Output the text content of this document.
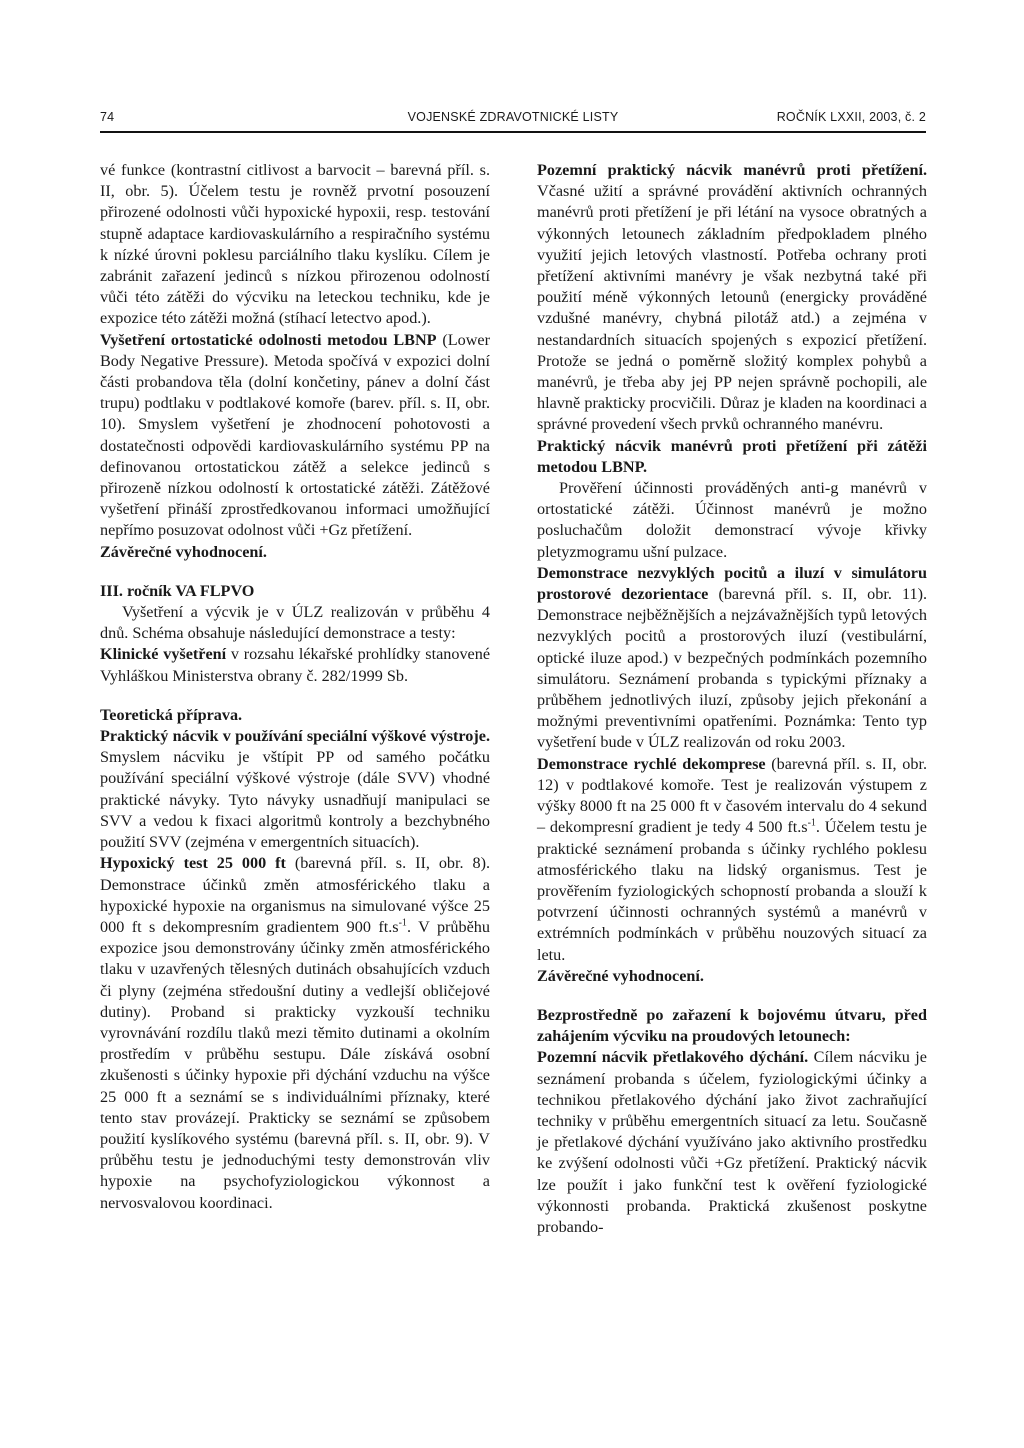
74	VOJENSKÉ ZDRAVOTNICKÉ LISTY	ROČNÍK LXXII, 2003, č. 2

vé funkce (kontrastní citlivost a barvocit – barevná příl. s. II, obr. 5). Účelem testu je rovněž prvotní posouzení přirozené odolnosti vůči hypoxické hypoxii, resp. testování stupně adaptace kardiovaskulárního a respiračního systému k nízké úrovni poklesu parciálního tlaku kyslíku. Cílem je zabránit zařazení jedinců s nízkou přirozenou odolností vůči této zátěži do výcviku na leteckou techniku, kde je expozice této zátěži možná (stíhací letectvo apod.).

Vyšetření ortostatické odolnosti metodou LBNP (Lower Body Negative Pressure). Metoda spočívá v expozici dolní části probandova těla (dolní končetiny, pánev a dolní část trupu) podtlaku v podtlakové komoře (barev. příl. s. II, obr. 10). Smyslem vyšetření je zhodnocení pohotovosti a dostatečnosti odpovědi kardiovaskulárního systému PP na definovanou ortostatickou zátěž a selekce jedinců s přirozeně nízkou odolností k ortostatické zátěži. Zátěžové vyšetření přináší zprostředkovanou informaci umožňující nepřímo posuzovat odolnost vůči +Gz přetížení.

Závěrečné vyhodnocení.

III. ročník VA FLPVO

Vyšetření a výcvik je v ÚLZ realizován v průběhu 4 dnů. Schéma obsahuje následující demonstrace a testy:

Klinické vyšetření v rozsahu lékařské prohlídky stanovené Vyhláškou Ministerstva obrany č. 282/1999 Sb.

Teoretická příprava.

Praktický nácvik v používání speciální výškové výstroje. Smyslem nácviku je vštípit PP od samého počátku používání speciální výškové výstroje (dále SVV) vhodné praktické návyky. Tyto návyky usnadňují manipulaci se SVV a vedou k fixaci algoritmů kontroly a bezchybného použití SVV (zejména v emergentních situacích).

Hypoxický test 25 000 ft (barevná příl. s. II, obr. 8). Demonstrace účinků změn atmosférického tlaku a hypoxické hypoxie na organismus na simulované výšce 25 000 ft s dekompresním gradientem 900 $ft.s^{-1}$. V průběhu expozice jsou demonstrovány účinky změn atmosférického tlaku v uzavřených tělesných dutinách obsahujících vzduch či plyny (zejména středoušní dutiny a vedlejší obličejové dutiny). Proband si prakticky vyzkouší techniku vyrovnávání rozdílu tlaků mezi těmito dutinami a okolním prostředím v průběhu sestupu. Dále získává osobní zkušenosti s účinky hypoxie při dýchání vzduchu na výšce 25 000 ft a seznámí se s individuálními příznaky, které tento stav provázejí. Prakticky se seznámí se způsobem použití kyslíkového systému (barevná příl. s. II, obr. 9). V průběhu testu je jednoduchými testy demonstrován vliv hypoxie na psychofyziologickou výkonnost a nervosvalovou koordinaci.

Pozemní praktický nácvik manévrů proti přetížení. Včasné užití a správné provádění aktivních ochranných manévrů proti přetížení je při létání na vysoce obratných a výkonných letounech základním předpokladem plného využití jejich letových vlastností. Potřeba ochrany proti přetížení aktivními manévry je však nezbytná také při použití méně výkonných letounů (energicky prováděné vzdušné manévry, chybná pilotáž atd.) a zejména v nestandardních situacích spojených s expozicí přetížení. Protože se jedná o poměrně složitý komplex pohybů a manévrů, je třeba aby jej PP nejen správně pochopili, ale hlavně prakticky procvičili. Důraz je kladen na koordinaci a správné provedení všech prvků ochranného manévru.

Praktický nácvik manévrů proti přetížení při zátěži metodou LBNP.

Prověření účinnosti prováděných anti-g manévrů v ortostatické zátěži. Účinnost manévrů je možno posluchačům doložit demonstrací vývoje křivky pletyzmogramu ušní pulzace.

Demonstrace nezvyklých pocitů a iluzí v simulátoru prostorové dezorientace (barevná příl. s. II, obr. 11). Demonstrace nejběžnějších a nejzávažnějších typů letových nezvyklých pocitů a prostorových iluzí (vestibulární, optické iluze apod.) v bezpečných podmínkách pozemního simulátoru. Seznámení probanda s typickými příznaky a průběhem jednotlivých iluzí, způsoby jejich překonání a možnými preventivními opatřeními. Poznámka: Tento typ vyšetření bude v ÚLZ realizován od roku 2003.

Demonstrace rychlé dekomprese (barevná příl. s. II, obr. 12) v podtlakové komoře. Test je realizován výstupem z výšky 8000 ft na 25 000 ft v časovém intervalu do 4 sekund – dekompresní gradient je tedy 4 500 $ft.s^{-1}$. Účelem testu je praktické seznámení probanda s účinky rychlého poklesu atmosférického tlaku na lidský organismus. Test je prověřením fyziologických schopností probanda a slouží k potvrzení účinnosti ochranných systémů a manévrů v extrémních podmínkách v průběhu nouzových situací za letu.

Závěrečné vyhodnocení.

Bezprostředně po zařazení k bojovému útvaru, před zahájením výcviku na proudových letounech:

Pozemní nácvik přetlakového dýchání. Cílem nácviku je seznámení probanda s účelem, fyziologickými účinky a technikou přetlakového dýchání jako život zachraňující techniky v průběhu emergentních situací za letu. Současně je přetlakové dýchání využíváno jako aktivního prostředku ke zvýšení odolnosti vůči +Gz přetížení. Praktický nácvik lze použít i jako funkční test k ověření fyziologické výkonnosti probanda. Praktická zkušenost poskytne probando-
